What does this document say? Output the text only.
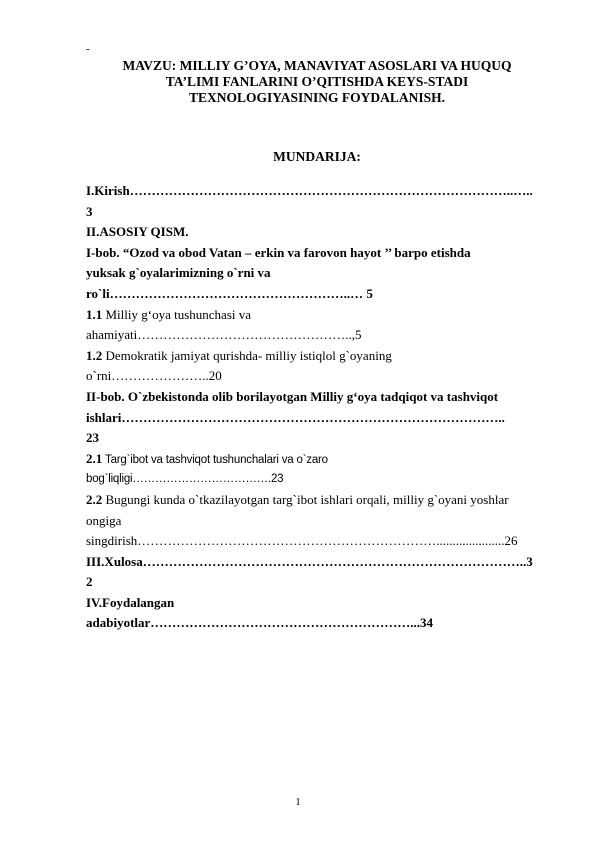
-
MAVZU: MILLIY G’OYA, MANAVIYAT ASOSLARI VA HUQUQ
TA’LIMI FANLARINI O’QITISHDA KEYS-STADI
TEXNOLOGIYASINING FOYDALANISH.
MUNDARIJA:
I.Kirish……………………………………………………………………………..…..
3
II.ASOSIY QISM.
I-bob. “Ozod va obod Vatan – erkin va farovon hayot ’’ barpo etishda
yuksak g`oyalarimizning o`rni va
ro`li………………………………………………..… 5
1.1 Milliy g‘oya tushunchasi va
ahamiyati…………………………………………..,5
1.2 Demokratik jamiyat qurishda- milliy istiqlol g`oyaning
o`rni…………………..20
II-bob. O`zbekistonda olib borilayotgan Milliy g‘oya tadqiqot va tashviqot
ishlari……………………………………………………………………………..
23
2.1 Targ`ibot va tashviqot tushunchalari va o`zaro
bog`liqligi……………………………….23
2.2 Bugungi kunda o`tkazilayotgan targ`ibot ishlari orqali, milliy g`oyani yoshlar
ongiga
singdirish…………………………………………………………….....................26
III.Xulosa……………………………………………………………………………..3
2
IV.Foydalangan
adabiyotlar……………………………………………………...34
1
